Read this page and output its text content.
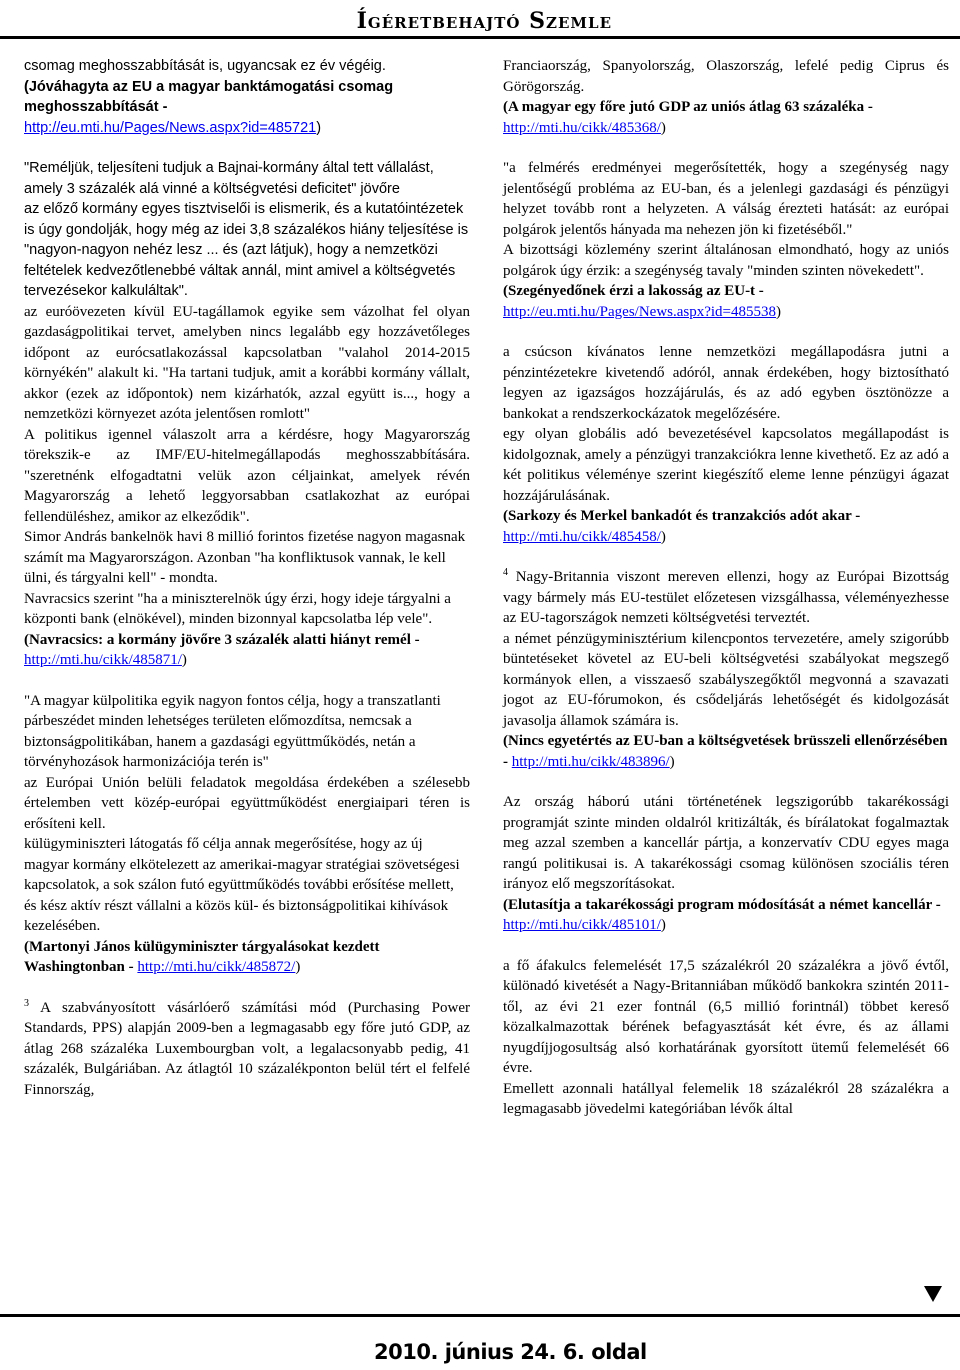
Ígéretbehajtó Szemle

csomag meghosszabbítását is, ugyancsak ez év végéig.

(Jóváhagyta az EU a magyar banktámogatási csomag meghosszabbítását -
http://eu.mti.hu/Pages/News.aspx?id=485721)

"Reméljük, teljesíteni tudjuk a Bajnai-kormány által tett vállalást, amely 3 százalék alá vinné a költségvetési deficitet" jövőre

az előző kormány egyes tisztviselői is elismerik, és a kutatóintézetek is úgy gondolják, hogy még az idei 3,8 százalékos hiány teljesítése is "nagyon-nagyon nehéz lesz ... és (azt látjuk), hogy a nemzetközi feltételek kedvezőtlenebbé váltak annál, mint amivel a költségvetés tervezésekor kalkuláltak".

az euróövezeten kívül EU-tagállamok egyike sem vázolhat fel olyan gazdaságpolitikai tervet, amelyben nincs legalább egy hozzávetőleges időpont az eurócsatlakozással kapcsolatban "valahol 2014-2015 környékén" alakult ki. "Ha tartani tudjuk, amit a korábbi kormány vállalt, akkor (ezek az időpontok) nem kizárhatók, azzal együtt is..., hogy a nemzetközi környezet azóta jelentősen romlott"

A politikus igennel válaszolt arra a kérdésre, hogy Magyarország törekszik-e az IMF/EU-hitelmegállapodás meghosszabbítására. "szeretnénk elfogadtatni velük azon céljainkat, amelyek révén Magyarország a lehető leggyorsabban csatlakozhat az európai fellendüléshez, amikor az elkeződik".

Simor András bankelnök havi 8 millió forintos fizetése nagyon magasnak számít ma Magyarországon. Azonban "ha konfliktusok vannak, le kell ülni, és tárgyalni kell" - mondta.

Navracsics szerint "ha a miniszterelnök úgy érzi, hogy ideje tárgyalni a központi bank (elnökével), minden bizonnyal kapcsolatba lép vele".

(Navracsics: a kormány jövőre 3 százalék alatti hiányt remél - http://mti.hu/cikk/485871/)

"A magyar külpolitika egyik nagyon fontos célja, hogy a transzatlanti párbeszédet minden lehetséges területen előmozdítsa, nemcsak a biztonságpolitikában, hanem a gazdasági együttműködés, netán a törvényhozások harmonizációja terén is"

az Európai Unión belüli feladatok megoldása érdekében a szélesebb értelemben vett közép-európai együttműködést energiaipari téren is erősíteni kell.

külügyminiszteri látogatás fő célja annak megerősítése, hogy az új magyar kormány elkötelezett az amerikai-magyar stratégiai szövetségesi kapcsolatok, a sok szálon futó együttműködés további erősítése mellett, és kész aktív részt vállalni a közös kül- és biztonságpolitikai kihívások kezelésében.

(Martonyi János külügyminiszter tárgyalásokat kezdett Washingtonban - http://mti.hu/cikk/485872/)

$^3$ A szabványosított vásárlóerő számítási mód (Purchasing Power Standards, PPS) alapján 2009-ben a legmagasabb egy főre jutó GDP, az átlag 268 százaléka Luxembourgban volt, a legalacsonyabb pedig, 41 százalék, Bulgáriában. Az átlagtól 10 százalékponton belül tért el felfelé Finnország,

Franciaország, Spanyolország, Olaszország, lefelé pedig Ciprus és Görögország.

(A magyar egy főre jutó GDP az uniós átlag 63 százaléka -
http://mti.hu/cikk/485368/)

"a felmérés eredményei megerősítették, hogy a szegénység nagy jelentőségű probléma az EU-ban, és a jelenlegi gazdasági és pénzügyi helyzet tovább ront a helyzeten. A válság érezteti hatását: az európai polgárok jelentős hányada ma nehezen jön ki fizetéséből."

A bizottsági közlemény szerint általánosan elmondható, hogy az uniós polgárok úgy érzik: a szegénység tavaly "minden szinten növekedett".

(Szegényedőnek érzi a lakosság az EU-t -
http://eu.mti.hu/Pages/News.aspx?id=485538)

a csúcson kívánatos lenne nemzetközi megállapodásra jutni a pénzintézetekre kivetendő adóról, annak érdekében, hogy biztosítható legyen az igazságos hozzájárulás, és az adó egyben ösztönözze a bankokat a rendszerkockázatok megelőzésére.

egy olyan globális adó bevezetésével kapcsolatos megállapodást is kidolgoznak, amely a pénzügyi tranzakciókra lenne kivethető. Ez az adó a két politikus véleménye szerint kiegészítő eleme lenne pénzügyi ágazat hozzájárulásának.

(Sarkozy és Merkel bankadót és tranzakciós adót akar -
http://mti.hu/cikk/485458/)

$^4$ Nagy-Britannia viszont mereven ellenzi, hogy az Európai Bizottság vagy bármely más EU-testület előzetesen vizsgálhassa, véleményezhesse az EU-tagországok nemzeti költségvetési terveztét.

a német pénzügyminisztérium kilencpontos tervezetére, amely szigorúbb büntetéseket követel az EU-beli költségvetési szabályokat megszegő kormányok ellen, a visszaeső szabályszegőktől megvonná a szavazati jogot az EU-fórumokon, és csődeljárás lehetőségét és kidolgozását javasolja államok számára is.

(Nincs egyetértés az EU-ban a költségvetések brüsszeli ellenőrzésében - http://mti.hu/cikk/483896/)

Az ország háború utáni történetének legszigorúbb takarékossági programját szinte minden oldalról kritizálták, és bírálatokat fogalmaztak meg azzal szemben a kancellár pártja, a konzervatív CDU egyes maga rangú politikusai is. A takarékossági csomag különösen szociális téren irányoz elő megszorításokat.

(Elutasítja a takarékossági program módosítását a német kancellár - http://mti.hu/cikk/485101/)

a fő áfakulcs felemelését 17,5 százalékról 20 százalékra a jövő évtől, különadó kivetését a Nagy-Britanniában működő bankokra szintén 2011-től, az évi 21 ezer fontnál (6,5 millió forintnál) többet kereső közalkalmazottak bérének befagyasztását két évre, és az állami nyugdíjjogosultság alsó korhatárának gyorsított ütemű felemelését 66 évre.

Emellett azonnali hatállyal felemelik 18 százalékról 28 százalékra a legmagasabb jövedelmi kategóriában lévők által

2010. június 24. 6. oldal
